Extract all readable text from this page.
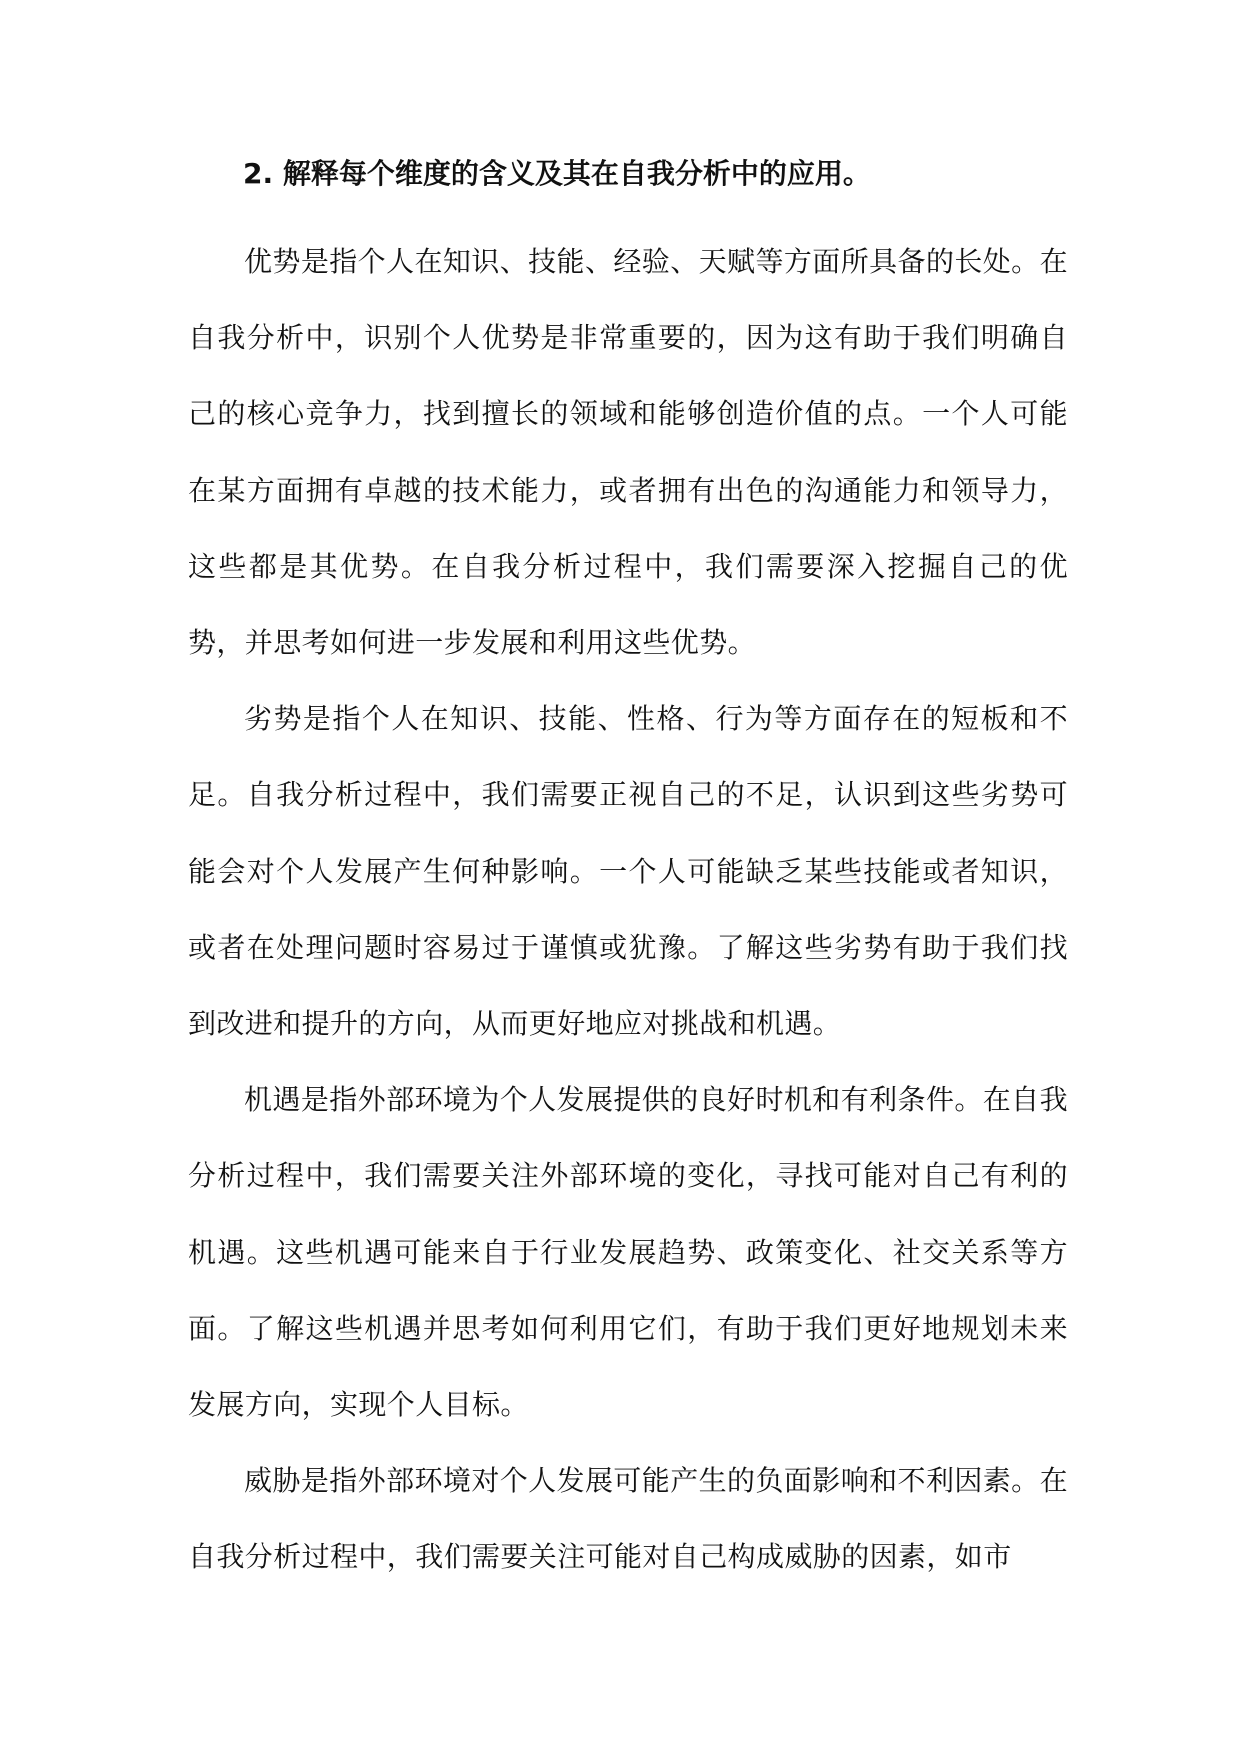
2. 解释每个维度的含义及其在自我分析中的应用。

优势是指个人在知识、技能、经验、天赋等方面所具备的长处。在自我分析中，识别个人优势是非常重要的，因为这有助于我们明确自己的核心竞争力，找到擅长的领域和能够创造价值的点。一个人可能在某方面拥有卓越的技术能力，或者拥有出色的沟通能力和领导力，这些都是其优势。在自我分析过程中，我们需要深入挖掘自己的优势，并思考如何进一步发展和利用这些优势。

劣势是指个人在知识、技能、性格、行为等方面存在的短板和不足。自我分析过程中，我们需要正视自己的不足，认识到这些劣势可能会对个人发展产生何种影响。一个人可能缺乏某些技能或者知识，或者在处理问题时容易过于谨慎或犹豫。了解这些劣势有助于我们找到改进和提升的方向，从而更好地应对挑战和机遇。

机遇是指外部环境为个人发展提供的良好时机和有利条件。在自我分析过程中，我们需要关注外部环境的变化，寻找可能对自己有利的机遇。这些机遇可能来自于行业发展趋势、政策变化、社交关系等方面。了解这些机遇并思考如何利用它们，有助于我们更好地规划未来发展方向，实现个人目标。

威胁是指外部环境对个人发展可能产生的负面影响和不利因素。在自我分析过程中，我们需要关注可能对自己构成威胁的因素，如市
